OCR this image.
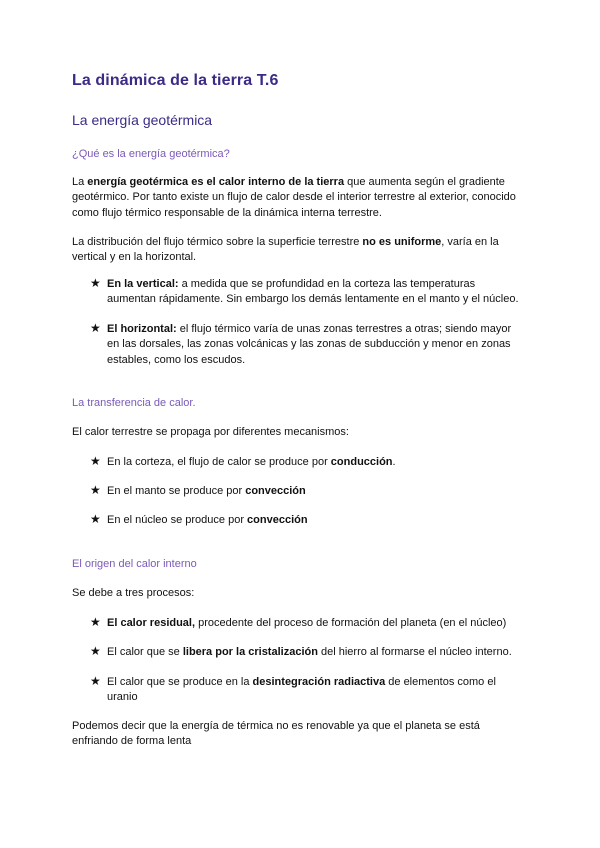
La dinámica de la tierra T.6
La energía geotérmica
¿Qué es la energía geotérmica?
La energía geotérmica es el calor interno de la tierra que aumenta según el gradiente geotérmico. Por tanto existe un flujo de calor desde el interior terrestre al exterior, conocido como flujo térmico responsable de la dinámica interna terrestre.
La distribución del flujo térmico sobre la superficie terrestre no es uniforme, varía en la vertical y en la horizontal.
★ En la vertical: a medida que se profundidad en la corteza las temperaturas aumentan rápidamente. Sin embargo los demás lentamente en el manto y el núcleo.
★ El horizontal: el flujo térmico varía de unas zonas terrestres a otras; siendo mayor en las dorsales, las zonas volcánicas y las zonas de subducción y menor en zonas estables, como los escudos.
La transferencia de calor.
El calor terrestre se propaga por diferentes mecanismos:
★ En la corteza, el flujo de calor se produce por conducción.
★ En el manto se produce por convección
★ En el núcleo se produce por convección
El origen del calor interno
Se debe a tres procesos:
★ El calor residual, procedente del proceso de formación del planeta (en el núcleo)
★ El calor que se libera por la cristalización del hierro al formarse el núcleo interno.
★ El calor que se produce en la desintegración radiactiva de elementos como el uranio
Podemos decir que la energía de térmica no es renovable ya que el planeta se está enfriando de forma lenta
